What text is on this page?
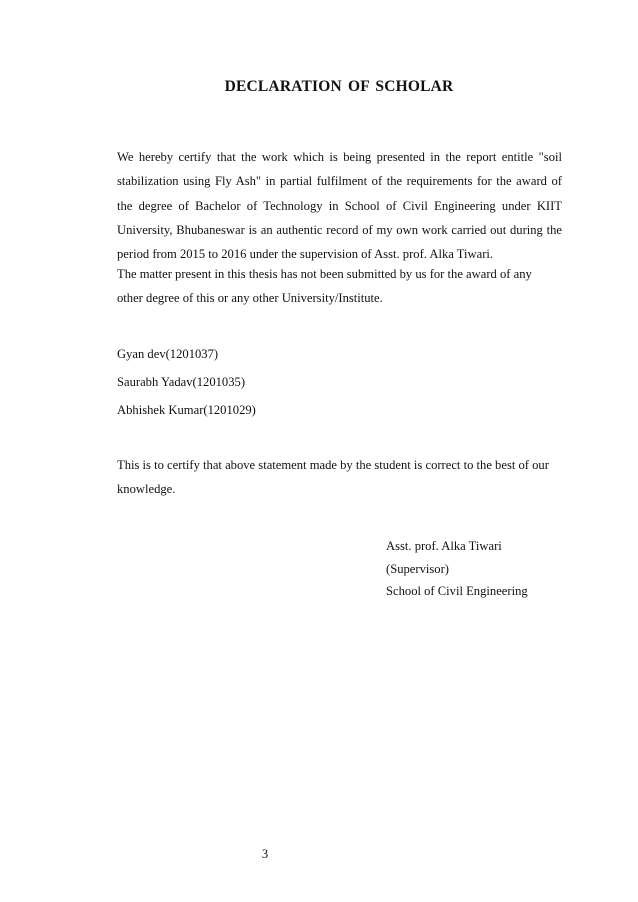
DECLARATION OF SCHOLAR
We hereby certify that the work which is being presented in the report entitle "soil stabilization using Fly Ash" in partial fulfilment of the requirements for the award of the degree of Bachelor of Technology in School of Civil Engineering under KIIT University, Bhubaneswar is an authentic record of my own work carried out during the period from 2015 to 2016 under the supervision of Asst. prof. Alka Tiwari.
The matter present in this thesis has not been submitted by us for the award of any other degree of this or any other University/Institute.
Gyan dev(1201037)
Saurabh Yadav(1201035)
Abhishek Kumar(1201029)
This is to certify that above statement made by the student is correct to the best of our knowledge.
Asst. prof. Alka Tiwari
(Supervisor)
School of Civil Engineering
3
